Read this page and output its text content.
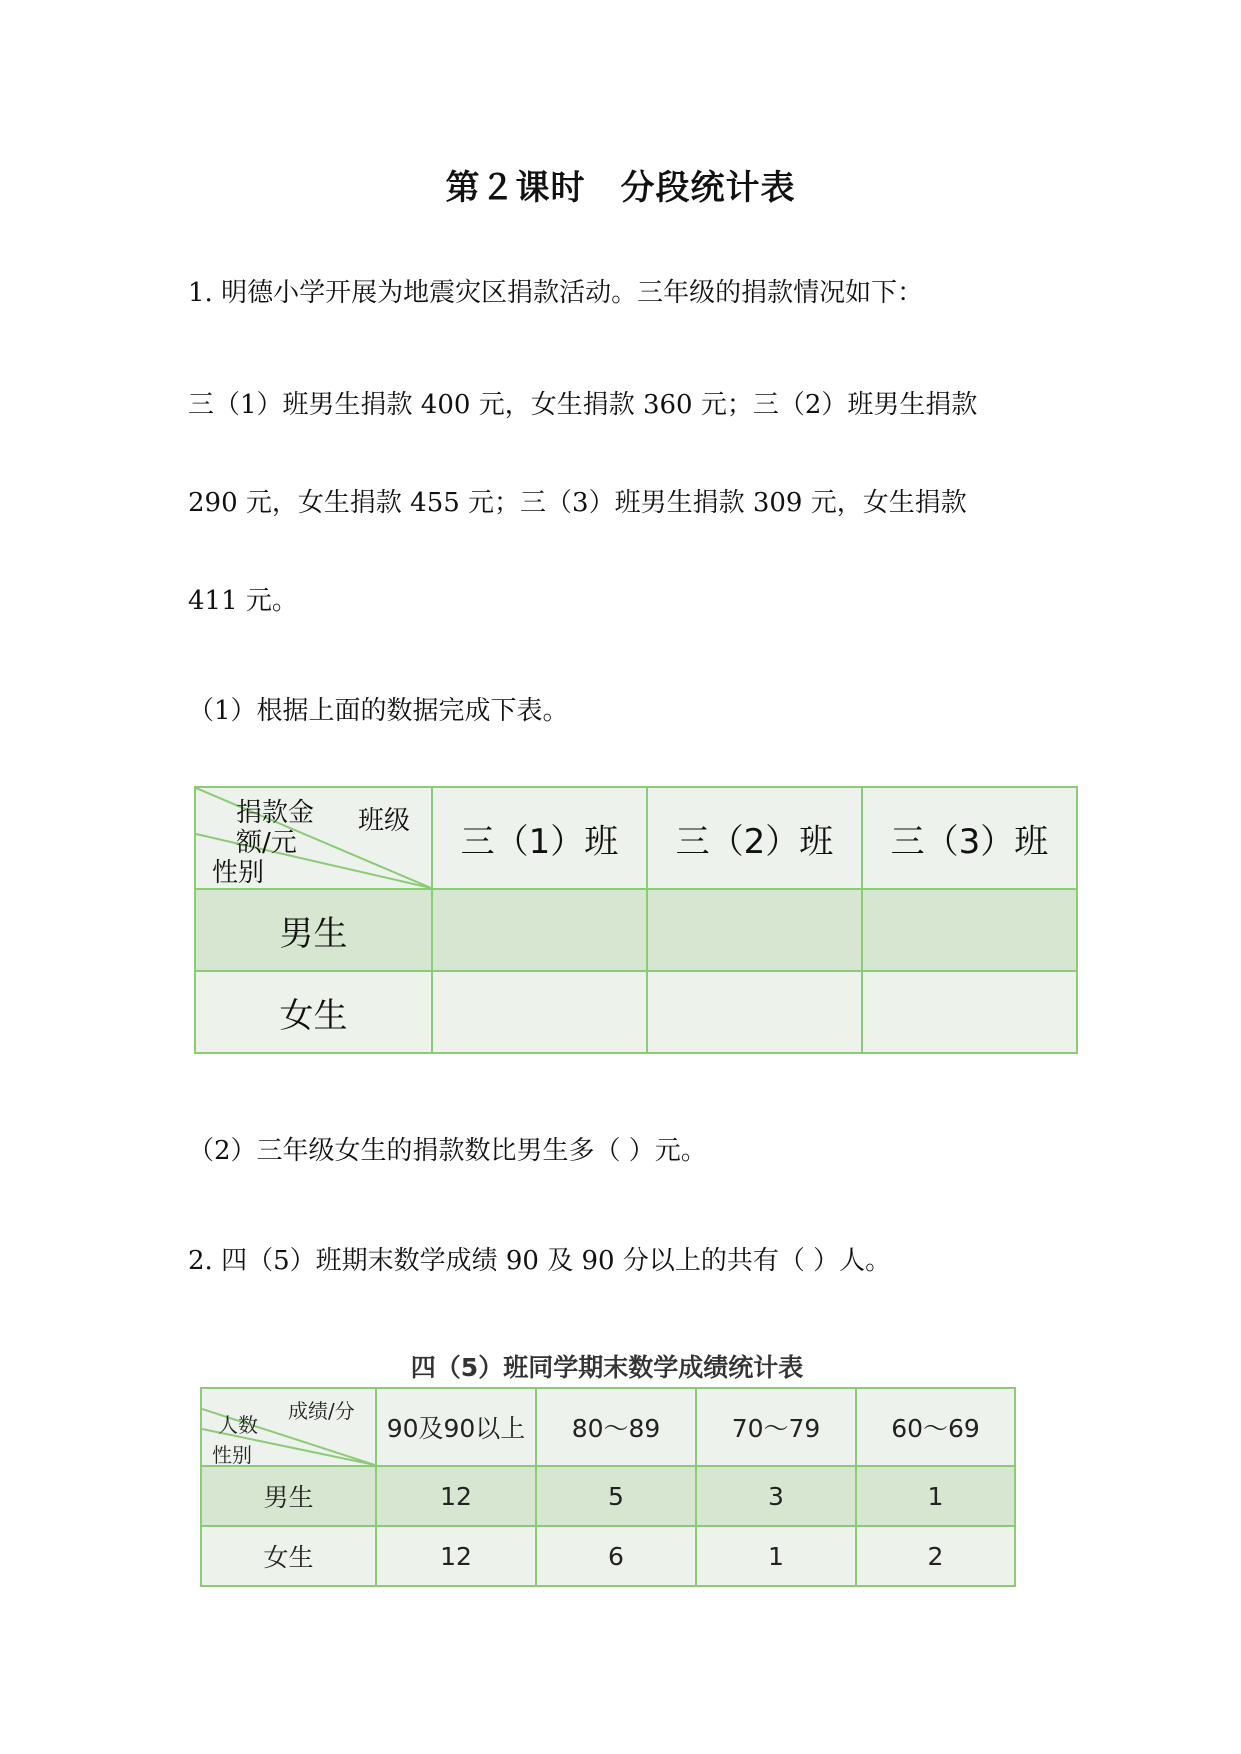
第２课时　分段统计表
1. 明德小学开展为地震灾区捐款活动。三年级的捐款情况如下：
三（1）班男生捐款 400 元，女生捐款 360 元；三（2）班男生捐款
290 元，女生捐款 455 元；三（3）班男生捐款 309 元，女生捐款
411 元。
（1）根据上面的数据完成下表。
捐款金
额/元
班级
性别	三（1）班	三（2）班	三（3）班
男生			
女生			
（2）三年级女生的捐款数比男生多（ ）元。
2. 四（5）班期末数学成绩 90 及 90 分以上的共有（ ）人。
四（5）班同学期末数学成绩统计表
成绩/分
人数
性别	90及90以上	80～89	70～79	60～69
男生	12	5	3	1
女生	12	6	1	2
